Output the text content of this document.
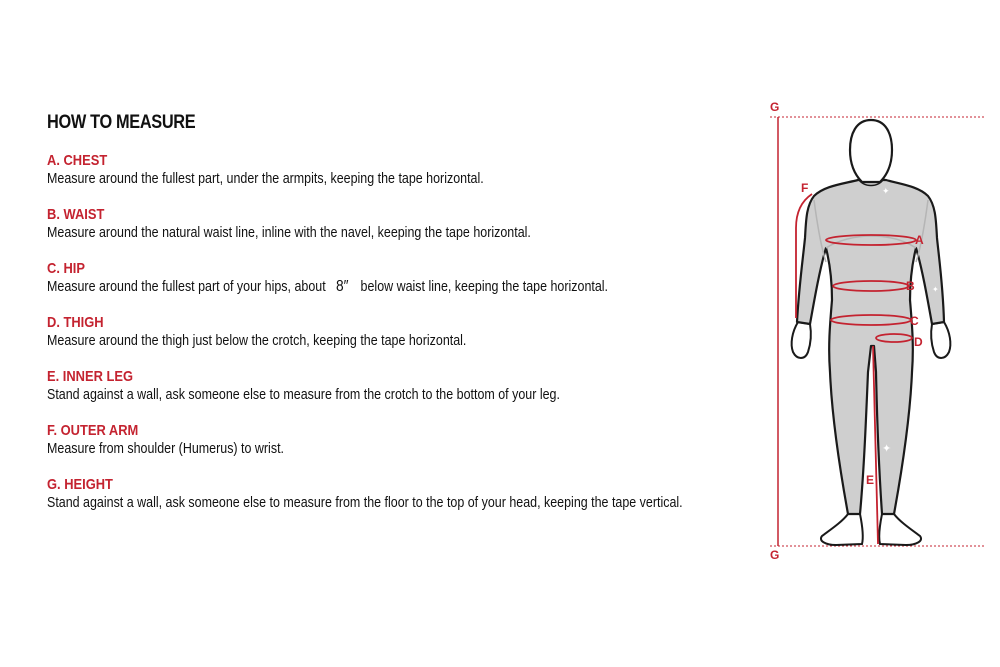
HOW TO MEASURE
A. CHEST
Measure around the fullest part, under the armpits, keeping the tape horizontal.
B. WAIST
Measure around the natural waist line, inline with the navel, keeping the tape horizontal.
C. HIP
Measure around the fullest part of your hips, about 8″ below waist line, keeping the tape horizontal.
D. THIGH
Measure around the thigh just below the crotch, keeping the tape horizontal.
E. INNER LEG
Stand against a wall, ask someone else to measure from the crotch to the bottom of your leg.
F. OUTER ARM
Measure from shoulder (Humerus) to wrist.
G. HEIGHT
Stand against a wall, ask someone else to measure from the floor to the top of your head, keeping the tape vertical.
G
G
✦
✦
✦
A
B
C
D
E
F
